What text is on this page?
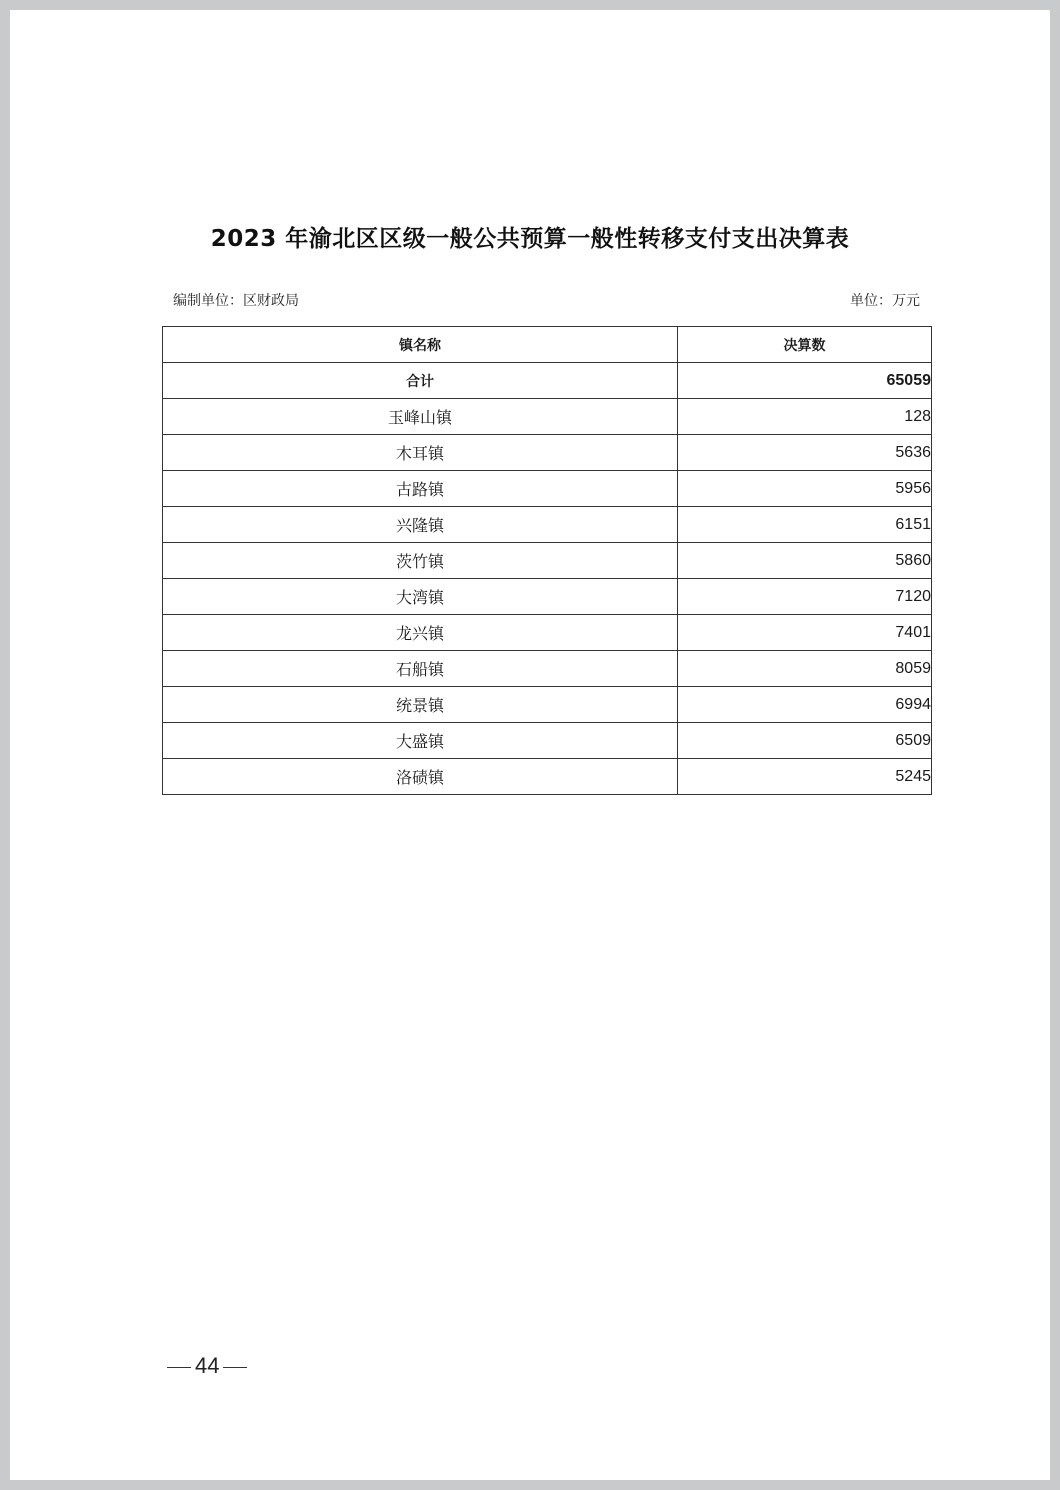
2023 年渝北区区级一般公共预算一般性转移支付支出决算表
编制单位：区财政局	单位：万元
镇名称	决算数
合计	65059
玉峰山镇	128
木耳镇	5636
古路镇	5956
兴隆镇	6151
茨竹镇	5860
大湾镇	7120
龙兴镇	7401
石船镇	8059
统景镇	6994
大盛镇	6509
洛碛镇	5245
44
